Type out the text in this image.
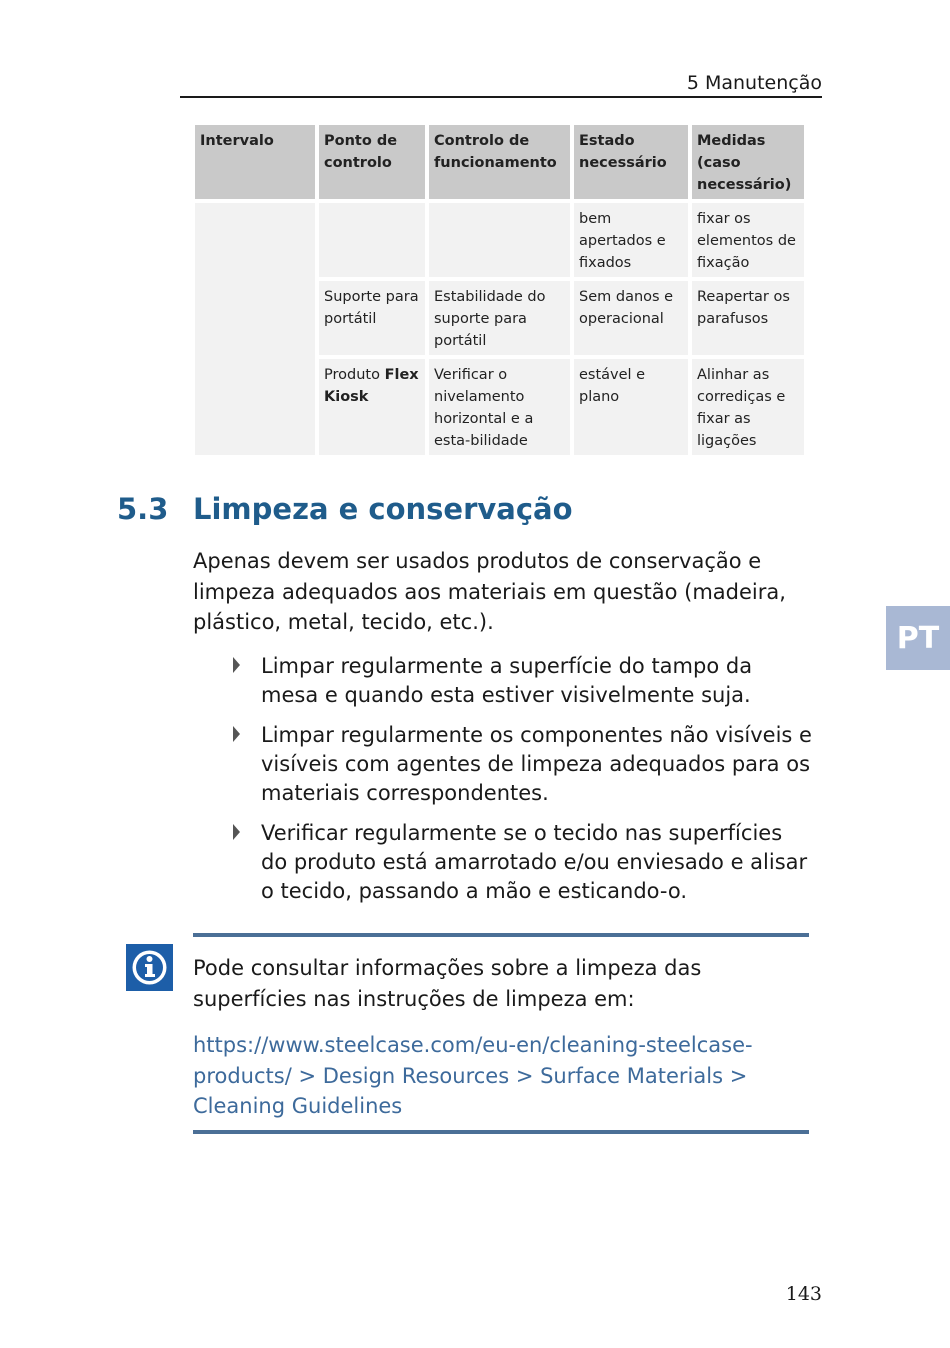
5 Manutenção
Intervalo	Ponto de controlo	Controlo de funcionamento	Estado necessário	Medidas (caso necessário)
			bem apertados e fixados	fixar os elementos de fixação
	Suporte para portátil	Estabilidade do suporte para portátil	Sem danos e operacional	Reapertar os parafusos
	Produto Flex Kiosk	Verificar o nivelamento horizontal e a esta-bilidade	estável e plano	Alinhar as corrediças e fixar as ligações
5.3 Limpeza e conservação
Apenas devem ser usados produtos de conservação e limpeza adequados aos materiais em questão (madeira, plástico, metal, tecido, etc.).
Limpar regularmente a superfície do tampo da mesa e quando esta estiver visivelmente suja.
Limpar regularmente os componentes não visíveis e visíveis com agentes de limpeza adequados para os materiais correspondentes.
Verificar regularmente se o tecido nas superfícies do produto está amarrotado e/ou enviesado e alisar o tecido, passando a mão e esticando-o.
PT
Pode consultar informações sobre a limpeza das superfícies nas instruções de limpeza em:
https://www.steelcase.com/eu-en/cleaning-steelcase-products/ > Design Resources > Surface Materials > Cleaning Guidelines
143
